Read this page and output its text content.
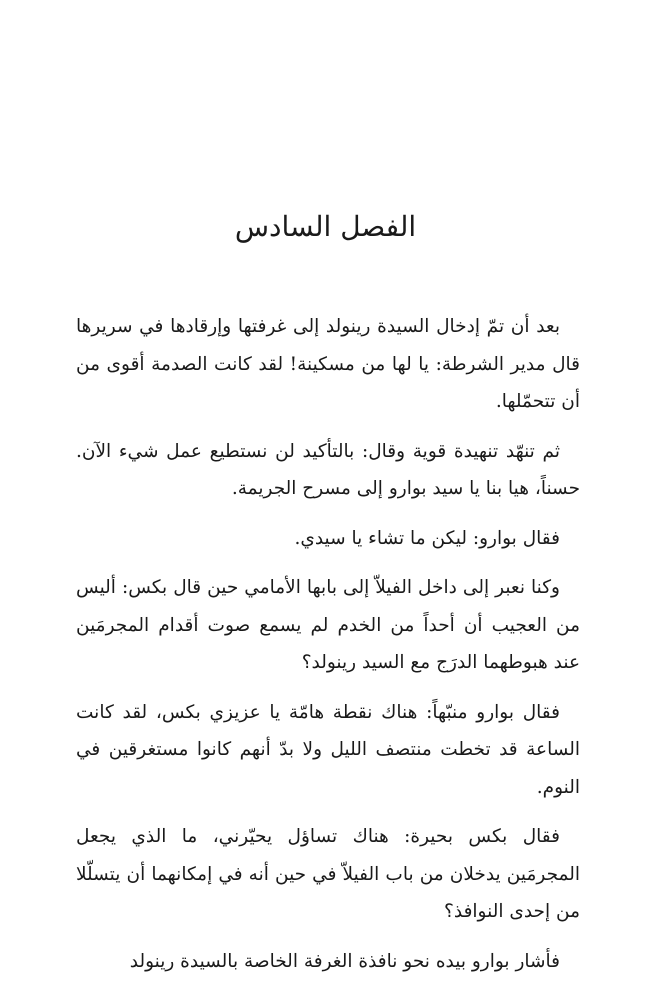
الفصل السادس

بعد أن تمّ إدخال السيدة رينولد إلى غرفتها وإرقادها في سريرها قال مدير الشرطة: يا لها من مسكينة! لقد كانت الصدمة أقوى من أن تتحمّلها.

ثم تنهّد تنهيدة قوية وقال: بالتأكيد لن نستطيع عمل شيء الآن. حسناً، هيا بنا يا سيد بوارو إلى مسرح الجريمة.

فقال بوارو: ليكن ما تشاء يا سيدي.

وكنا نعبر إلى داخل الفيلاّ إلى بابها الأمامي حين قال بكس: أليس من العجيب أن أحداً من الخدم لم يسمع صوت أقدام المجرمَين عند هبوطهما الدرَج مع السيد رينولد؟

فقال بوارو منبّهاً: هناك نقطة هامّة يا عزيزي بكس، لقد كانت الساعة قد تخطت منتصف الليل ولا بدّ أنهم كانوا مستغرقين في النوم.

فقال بكس بحيرة: هناك تساؤل يحيّرني، ما الذي يجعل المجرمَين يدخلان من باب الفيلاّ في حين أنه في إمكانهما أن يتسلّلا من إحدى النوافذ؟

فأشار بوارو بيده نحو نافذة الغرفة الخاصة بالسيدة رينولد
